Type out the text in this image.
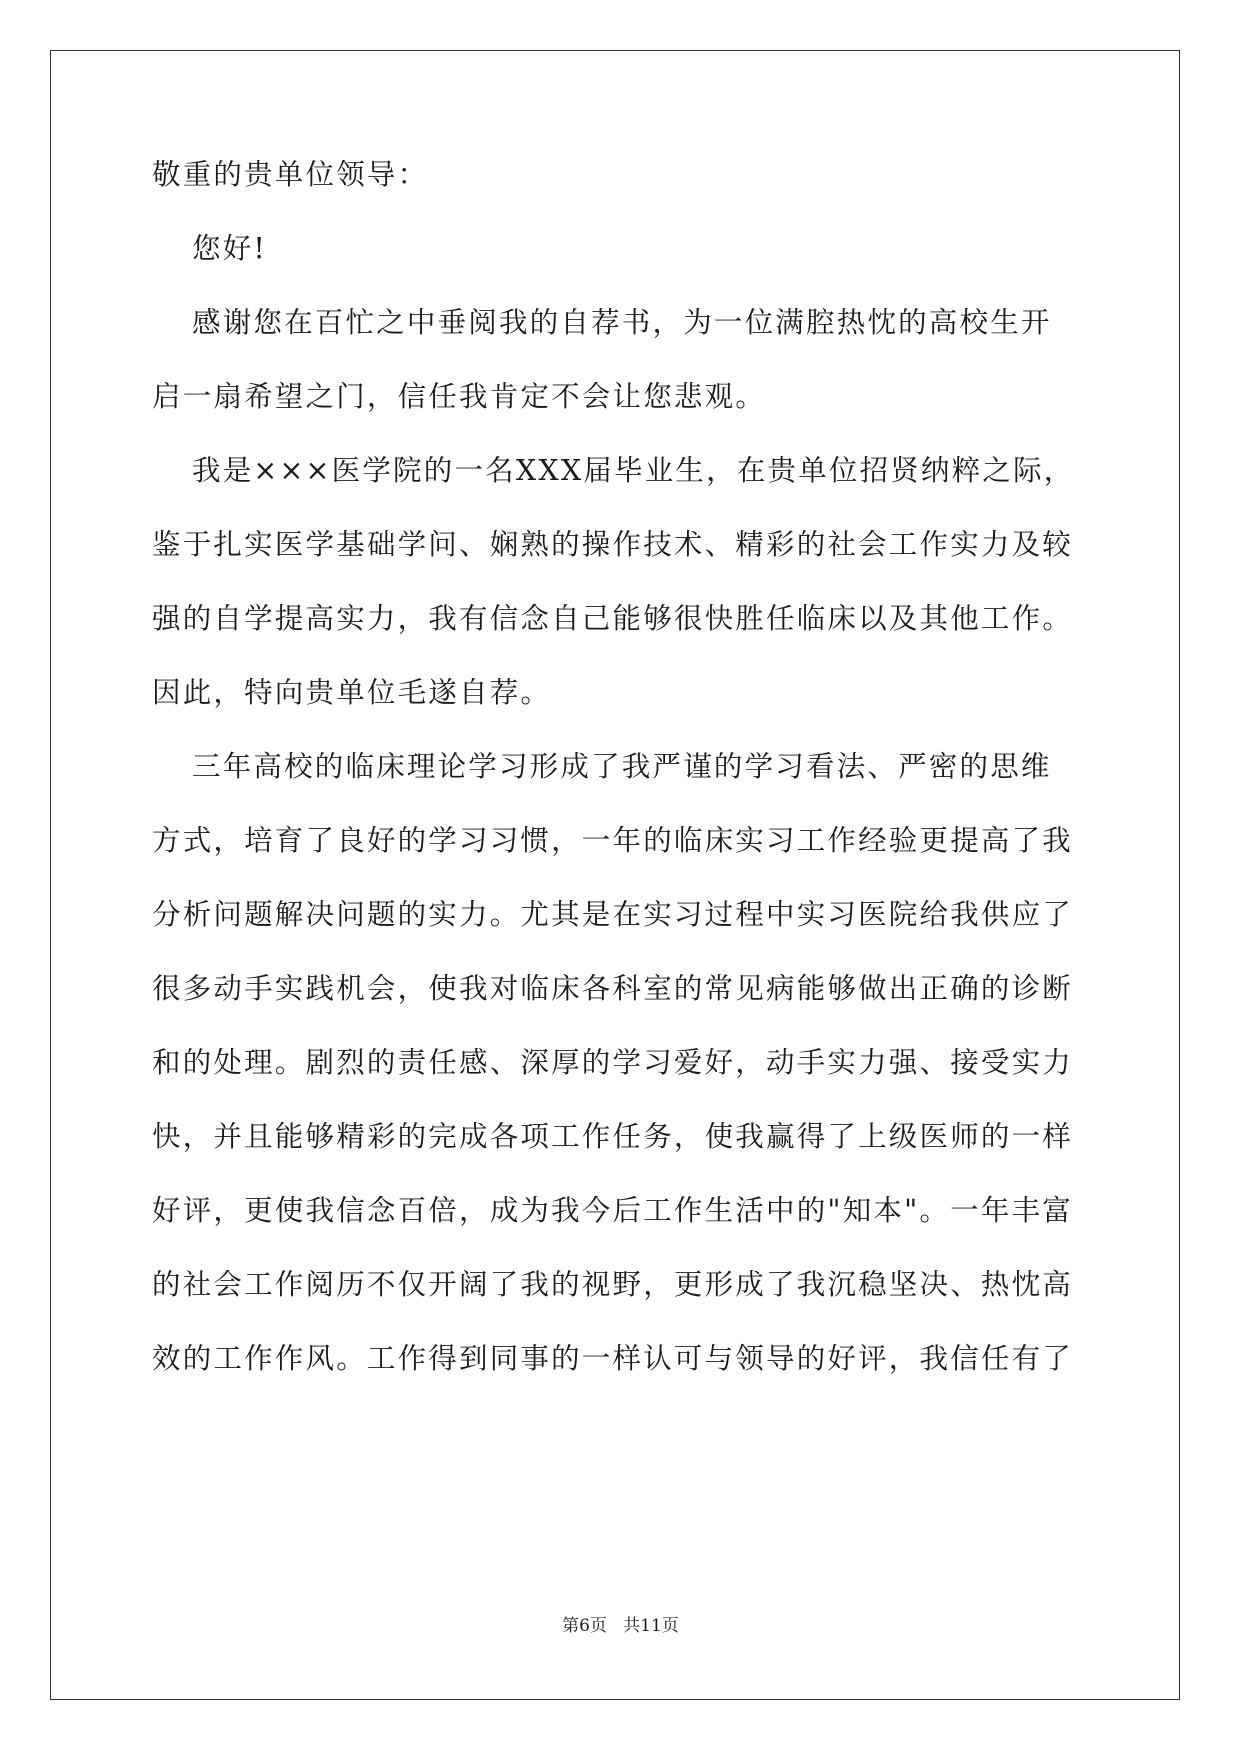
敬重的贵单位领导：
您好!
感谢您在百忙之中垂阅我的自荐书，为一位满腔热忱的高校生开
启一扇希望之门，信任我肯定不会让您悲观。
我是×××医学院的一名XXX届毕业生，在贵单位招贤纳粹之际，
鉴于扎实医学基础学问、娴熟的操作技术、精彩的社会工作实力及较
强的自学提高实力，我有信念自己能够很快胜任临床以及其他工作。
因此，特向贵单位毛遂自荐。
三年高校的临床理论学习形成了我严谨的学习看法、严密的思维
方式，培育了良好的学习习惯，一年的临床实习工作经验更提高了我
分析问题解决问题的实力。尤其是在实习过程中实习医院给我供应了
很多动手实践机会，使我对临床各科室的常见病能够做出正确的诊断
和的处理。剧烈的责任感、深厚的学习爱好，动手实力强、接受实力
快，并且能够精彩的完成各项工作任务，使我赢得了上级医师的一样
好评，更使我信念百倍，成为我今后工作生活中的"知本"。一年丰富
的社会工作阅历不仅开阔了我的视野，更形成了我沉稳坚决、热忱高
效的工作作风。工作得到同事的一样认可与领导的好评，我信任有了
第6页   共11页
